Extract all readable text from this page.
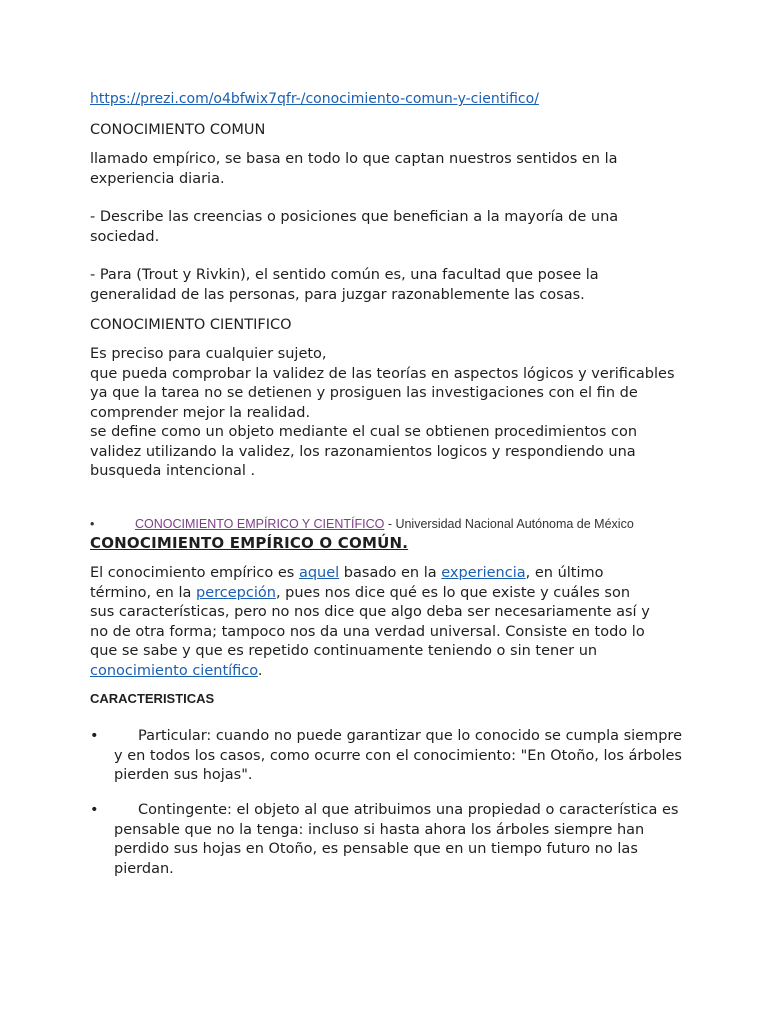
https://prezi.com/o4bfwix7qfr-/conocimiento-comun-y-cientifico/
CONOCIMIENTO COMUN

llamado empírico, se basa en todo lo que captan nuestros sentidos en la experiencia diaria.

- Describe las creencias o posiciones que benefician a la mayoría de una sociedad.

- Para (Trout y Rivkin), el sentido común es, una facultad que posee la generalidad de las personas, para juzgar razonablemente las cosas.

CONOCIMIENTO CIENTIFICO

Es preciso para cualquier sujeto,

que pueda comprobar la validez de las teorías en aspectos lógicos y verificables ya que la tarea no se detienen y prosiguen las investigaciones con el fin de comprender mejor la realidad.

se define como un objeto mediante el cual se obtienen procedimientos con validez utilizando la validez, los razonamientos logicos y respondiendo una busqueda intencional .

•	CONOCIMIENTO EMPÍRICO Y CIENTÍFICO - Universidad Nacional Autónoma de México
CONOCIMIENTO EMPÍRICO O COMÚN.

El conocimiento empírico es aquel basado en la experiencia, en último término, en la percepción, pues nos dice qué es lo que existe y cuáles son sus características, pero no nos dice que algo deba ser necesariamente así y no de otra forma; tampoco nos da una verdad universal. Consiste en todo lo que se sabe y que es repetido continuamente teniendo o sin tener un conocimiento científico.

CARACTERISTICAS
•	Particular: cuando no puede garantizar que lo conocido se cumpla siempre y en todos los casos, como ocurre con el conocimiento: "En Otoño, los árboles pierden sus hojas".
•	Contingente: el objeto al que atribuimos una propiedad o característica es pensable que no la tenga: incluso si hasta ahora los árboles siempre han perdido sus hojas en Otoño, es pensable que en un tiempo futuro no las pierdan.
